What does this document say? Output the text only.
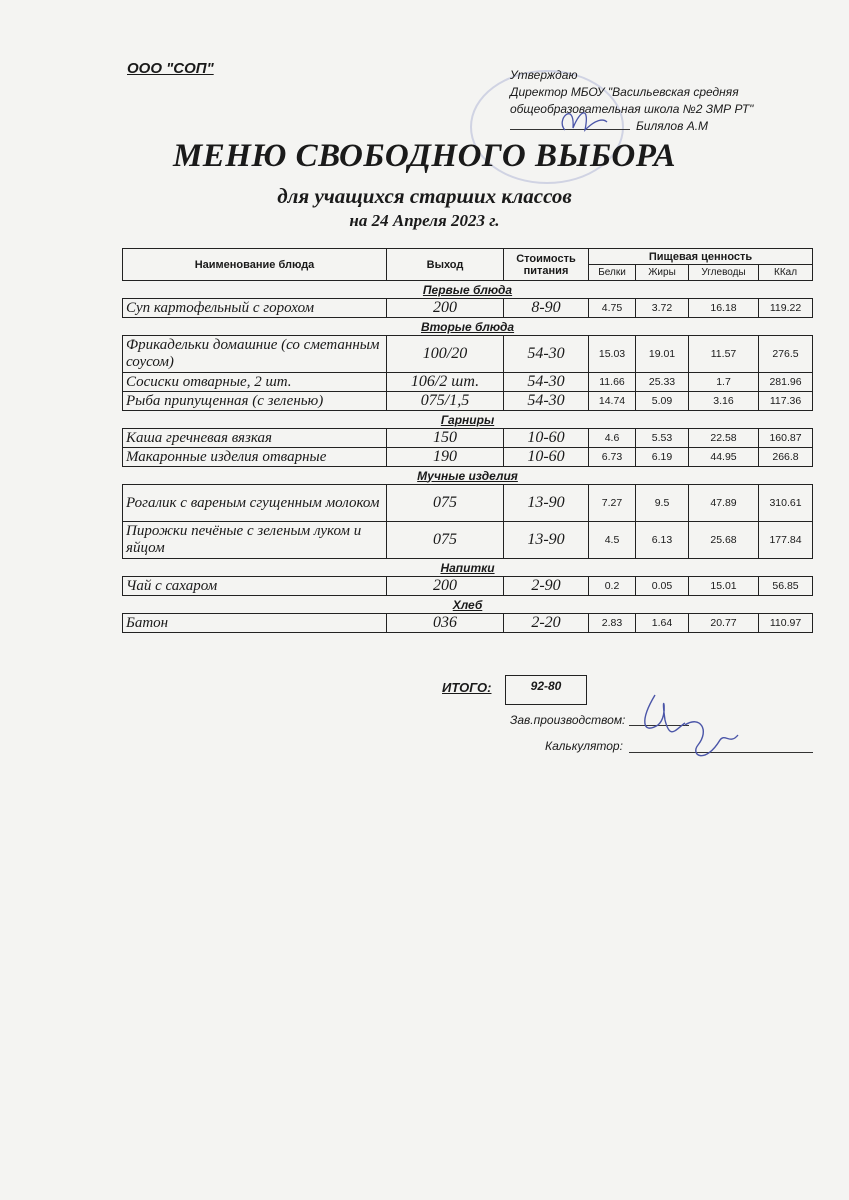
ООО "СОП"	Утверждаю
Директор МБОУ "Васильевская средняя
общеобразовательная школа №2 ЗМР РТ"
Билялов А.М
МЕНЮ СВОБОДНОГО ВЫБОРА
для учащихся старших классов
на 24 Апреля 2023 г.
Наименование блюда	Выход	Стоимость питания	Пищевая ценность			
			Белки	Жиры	Углеводы	ККал
Первые блюда						
Суп картофельный с горохом	200	8-90	4.75	3.72	16.18	119.22
Вторые блюда						
Фрикадельки домашние (со сметанным соусом)	100/20	54-30	15.03	19.01	11.57	276.5
Сосиски отварные, 2 шт.	106/2 шт.	54-30	11.66	25.33	1.7	281.96
Рыба припущенная (с зеленью)	075/1,5	54-30	14.74	5.09	3.16	117.36
Гарниры						
Каша гречневая вязкая	150	10-60	4.6	5.53	22.58	160.87
Макаронные изделия отварные	190	10-60	6.73	6.19	44.95	266.8
Мучные изделия						
Рогалик с вареным сгущенным молоком	075	13-90	7.27	9.5	47.89	310.61
Пирожки печёные с зеленым луком и яйцом	075	13-90	4.5	6.13	25.68	177.84
Напитки						
Чай с сахаром	200	2-90	0.2	0.05	15.01	56.85
Хлеб						
Батон	036	2-20	2.83	1.64	20.77	110.97
ИТОГО:	92-80
Зав.производством:
Калькулятор:
